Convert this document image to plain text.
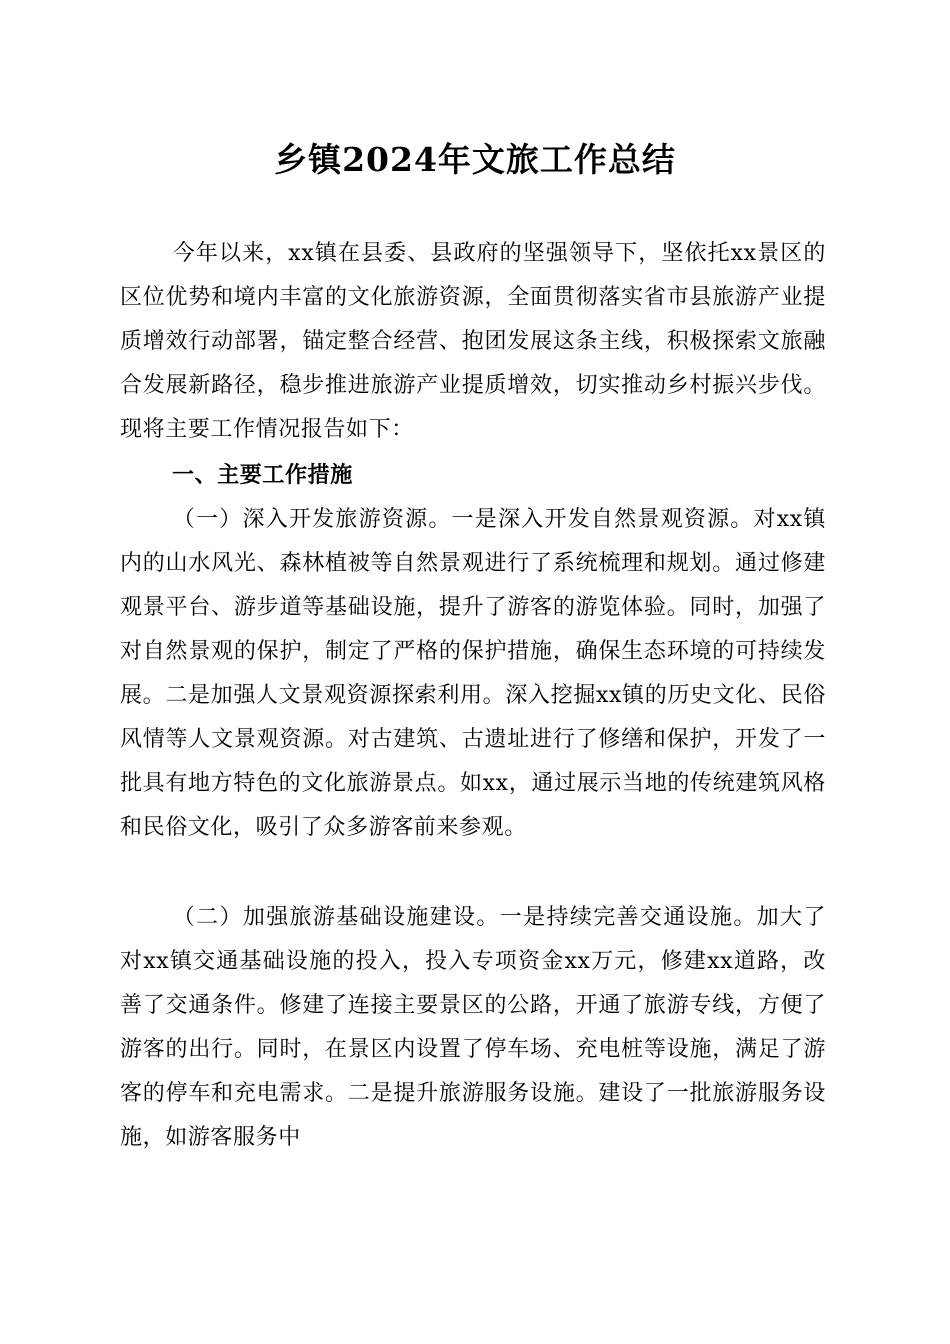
乡镇2024年文旅工作总结
今年以来，xx镇在县委、县政府的坚强领导下，坚依托xx景区的区位优势和境内丰富的文化旅游资源，全面贯彻落实省市县旅游产业提质增效行动部署，锚定整合经营、抱团发展这条主线，积极探索文旅融合发展新路径，稳步推进旅游产业提质增效，切实推动乡村振兴步伐。现将主要工作情况报告如下：
一、主要工作措施
（一）深入开发旅游资源。一是深入开发自然景观资源。对xx镇内的山水风光、森林植被等自然景观进行了系统梳理和规划。通过修建观景平台、游步道等基础设施，提升了游客的游览体验。同时，加强了对自然景观的保护，制定了严格的保护措施，确保生态环境的可持续发展。二是加强人文景观资源探索利用。深入挖掘xx镇的历史文化、民俗风情等人文景观资源。对古建筑、古遗址进行了修缮和保护，开发了一批具有地方特色的文化旅游景点。如xx，通过展示当地的传统建筑风格和民俗文化，吸引了众多游客前来参观。
（二）加强旅游基础设施建设。一是持续完善交通设施。加大了对xx镇交通基础设施的投入，投入专项资金xx万元，修建xx道路，改善了交通条件。修建了连接主要景区的公路，开通了旅游专线，方便了游客的出行。同时，在景区内设置了停车场、充电桩等设施，满足了游客的停车和充电需求。二是提升旅游服务设施。建设了一批旅游服务设施，如游客服务中
